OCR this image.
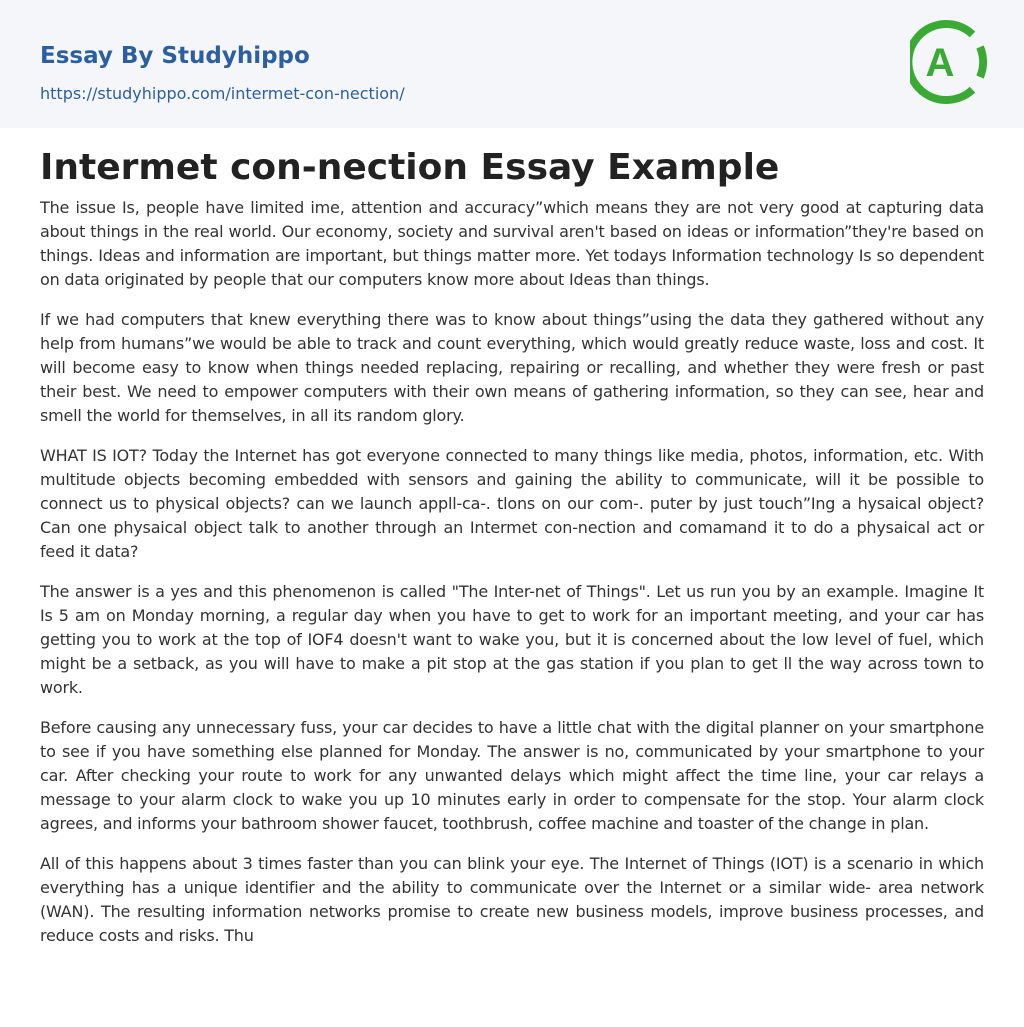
Essay By Studyhippo
https://studyhippo.com/intermet-con-nection/
A
Intermet con-nection Essay Example

The issue Is, people have limited ime, attention and accuracy”which means they are not very good at capturing data about things in the real world. Our economy, society and survival aren't based on ideas or information”they're based on things. Ideas and information are important, but things matter more. Yet todays Information technology Is so dependent on data originated by people that our computers know more about Ideas than things.

If we had computers that knew everything there was to know about things”using the data they gathered without any help from humans”we would be able to track and count everything, which would greatly reduce waste, loss and cost. It will become easy to know when things needed replacing, repairing or recalling, and whether they were fresh or past their best. We need to empower computers with their own means of gathering information, so they can see, hear and smell the world for themselves, in all its random glory.

WHAT IS IOT? Today the Internet has got everyone connected to many things like media, photos, information, etc. With multitude objects becoming embedded with sensors and gaining the ability to communicate, will it be possible to connect us to physical objects? can we launch appll-ca-. tlons on our com-. puter by just touch”Ing a hysaical object? Can one physaical object talk to another through an Intermet con-nection and comamand it to do a physaical act or feed it data?

The answer is a yes and this phenomenon is called "The Inter-net of Things". Let us run you by an example. Imagine It Is 5 am on Monday morning, a regular day when you have to get to work for an important meeting, and your car has getting you to work at the top of IOF4 doesn't want to wake you, but it is concerned about the low level of fuel, which might be a setback, as you will have to make a pit stop at the gas station if you plan to get ll the way across town to work.

Before causing any unnecessary fuss, your car decides to have a little chat with the digital planner on your smartphone to see if you have something else planned for Monday. The answer is no, communicated by your smartphone to your car. After checking your route to work for any unwanted delays which might affect the time line, your car relays a message to your alarm clock to wake you up 10 minutes early in order to compensate for the stop. Your alarm clock agrees, and informs your bathroom shower faucet, toothbrush, coffee machine and toaster of the change in plan.

All of this happens about 3 times faster than you can blink your eye. The Internet of Things (IOT) is a scenario in which everything has a unique identifier and the ability to communicate over the Internet or a similar wide- area network (WAN). The resulting information networks promise to create new business models, improve business processes, and reduce costs and risks. Thu
